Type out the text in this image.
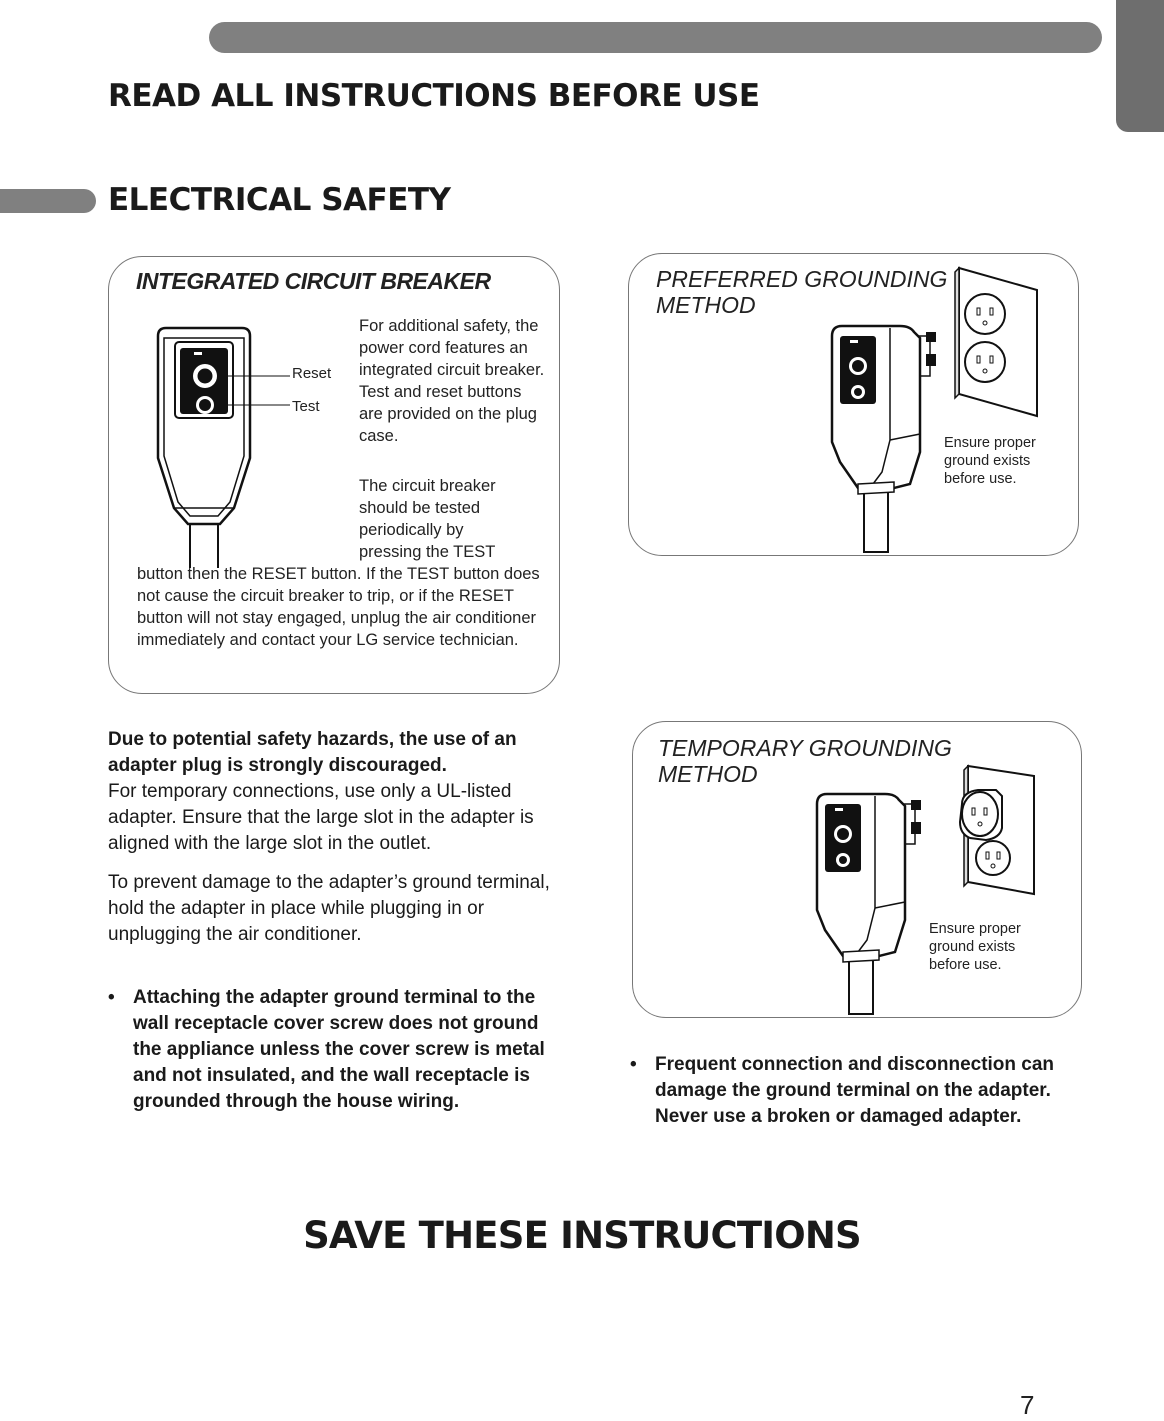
READ ALL INSTRUCTIONS BEFORE USE
ELECTRICAL SAFETY
INTEGRATED CIRCUIT BREAKER
Reset
Test

For additional safety, the power cord features an integrated circuit breaker. Test and reset buttons are provided on the plug case.

The circuit breaker should be tested periodically by pressing the TEST

button then the RESET button. If the TEST button does not cause the circuit breaker to trip, or if the RESET button will not stay engaged, unplug the air conditioner immediately and contact your LG service technician.

PREFERRED GROUNDING METHOD
Ensure proper ground exists before use.
TEMPORARY GROUNDING METHOD
Ensure proper ground exists before use.

Due to potential safety hazards, the use of an adapter plug is strongly discouraged.

For temporary connections, use only a UL-listed adapter. Ensure that the large slot in the adapter is aligned with the large slot in the outlet.

To prevent damage to the adapter’s ground terminal, hold the adapter in place while plugging in or unplugging the air conditioner.

• Attaching the adapter ground terminal to the wall receptacle cover screw does not ground the appliance unless the cover screw is metal and not insulated, and the wall receptacle is grounded through the house wiring.
• Frequent connection and disconnection can damage the ground terminal on the adapter. Never use a broken or damaged adapter.
SAVE THESE INSTRUCTIONS
7
